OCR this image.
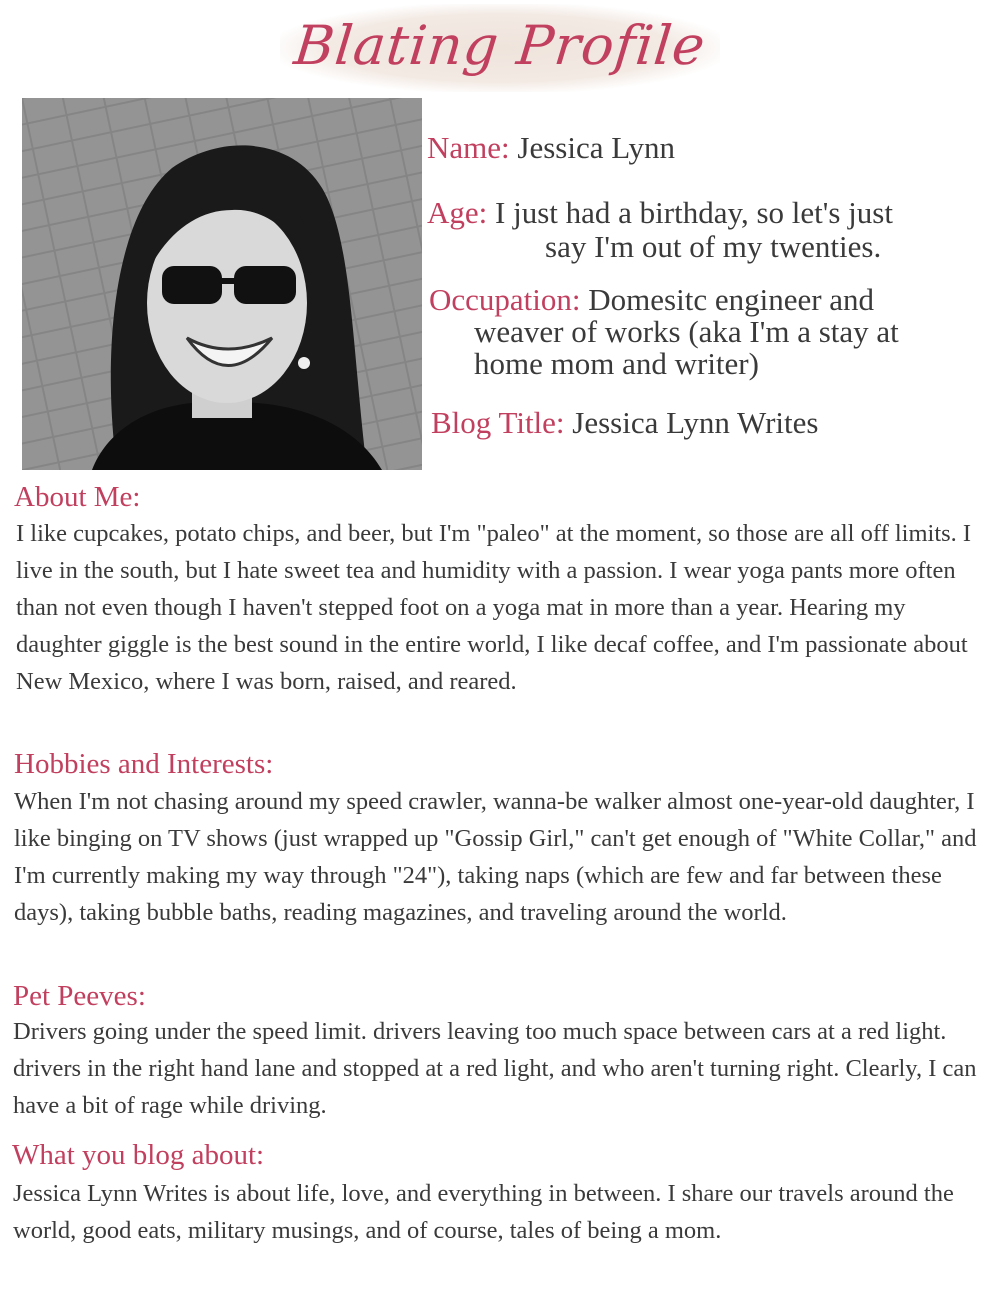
Blating Profile
Name: Jessica Lynn
Age: I just had a birthday, so let's just
say I'm out of my twenties.
Occupation: Domesitc engineer and
weaver of works (aka I'm a stay at
home mom and writer)
Blog Title: Jessica Lynn Writes
About Me:
I like cupcakes, potato chips, and beer, but I'm "paleo" at the moment, so those are all off limits. I live in the south, but I hate sweet tea and humidity with a passion. I wear yoga pants more often than not even though I haven't stepped foot on a yoga mat in more than a year. Hearing my daughter giggle is the best sound in the entire world, I like decaf coffee, and I'm passionate about New Mexico, where I was born, raised, and reared.
Hobbies and Interests:
When I'm not chasing around my speed crawler, wanna-be walker almost one-year-old daughter, I like binging on TV shows (just wrapped up "Gossip Girl," can't get enough of "White Collar," and I'm currently making my way through "24"), taking naps (which are few and far between these days), taking bubble baths, reading magazines, and traveling around the world.
Pet Peeves:
Drivers going under the speed limit. drivers leaving too much space between cars at a red light. drivers in the right hand lane and stopped at a red light, and who aren't turning right. Clearly, I can have a bit of rage while driving.
What you blog about:
Jessica Lynn Writes is about life, love, and everything in between. I share our travels around the world, good eats, military musings, and of course, tales of being a mom.
